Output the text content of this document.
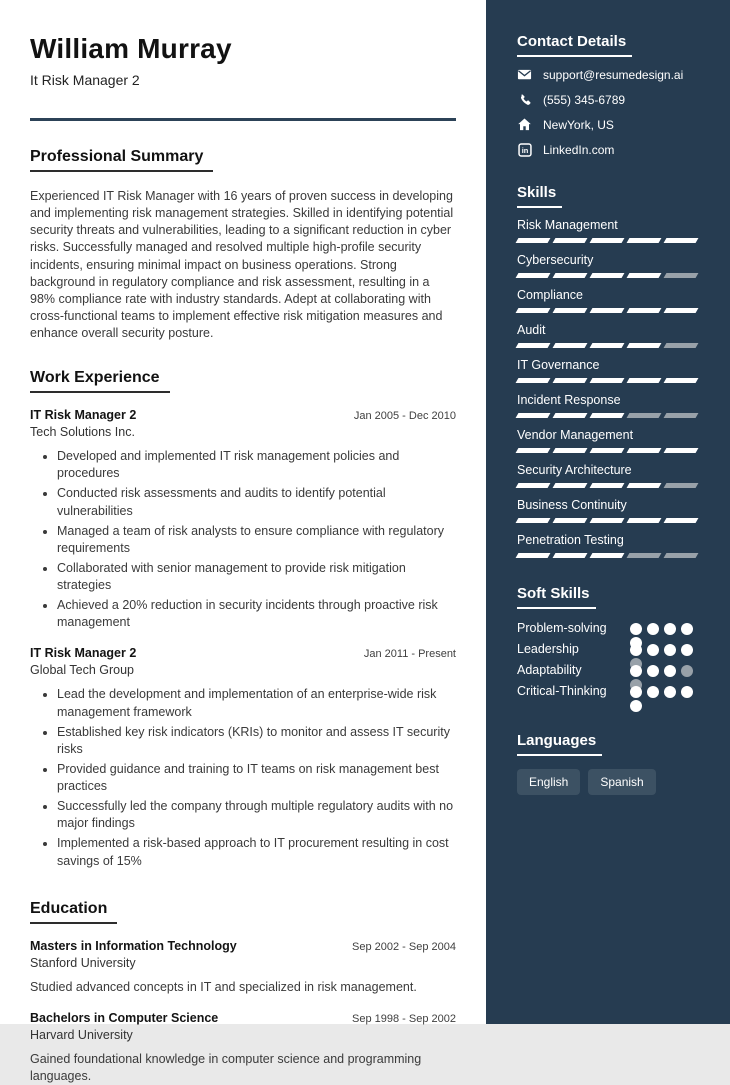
William Murray
It Risk Manager 2
Professional Summary

Experienced IT Risk Manager with 16 years of proven success in developing and implementing risk management strategies. Skilled in identifying potential security threats and vulnerabilities, leading to a significant reduction in cyber risks. Successfully managed and resolved multiple high-profile security incidents, ensuring minimal impact on business operations. Strong background in regulatory compliance and risk assessment, resulting in a 98% compliance rate with industry standards. Adept at collaborating with cross-functional teams to implement effective risk mitigation measures and enhance overall security posture.

Work Experience
IT Risk Manager 2	Jan 2005 - Dec 2010
Tech Solutions Inc.
• Developed and implemented IT risk management policies and procedures
• Conducted risk assessments and audits to identify potential vulnerabilities
• Managed a team of risk analysts to ensure compliance with regulatory requirements
• Collaborated with senior management to provide risk mitigation strategies
• Achieved a 20% reduction in security incidents through proactive risk management
IT Risk Manager 2	Jan 2011 - Present
Global Tech Group
• Lead the development and implementation of an enterprise-wide risk management framework
• Established key risk indicators (KRIs) to monitor and assess IT security risks
• Provided guidance and training to IT teams on risk management best practices
• Successfully led the company through multiple regulatory audits with no major findings
• Implemented a risk-based approach to IT procurement resulting in cost savings of 15%
Education
Masters in Information Technology	Sep 2002 - Sep 2004
Stanford University
Studied advanced concepts in IT and specialized in risk management.
Bachelors in Computer Science	Sep 1998 - Sep 2002
Harvard University
Gained foundational knowledge in computer science and programming languages.
Contact Details
support@resumedesign.ai
(555) 345-6789
NewYork, US
in LinkedIn.com
Skills
Risk Management
Cybersecurity
Compliance
Audit
IT Governance
Incident Response
Vendor Management
Security Architecture
Business Continuity
Penetration Testing
Soft Skills
Problem-solving
Leadership
Adaptability
Critical-Thinking
Languages
English	Spanish
